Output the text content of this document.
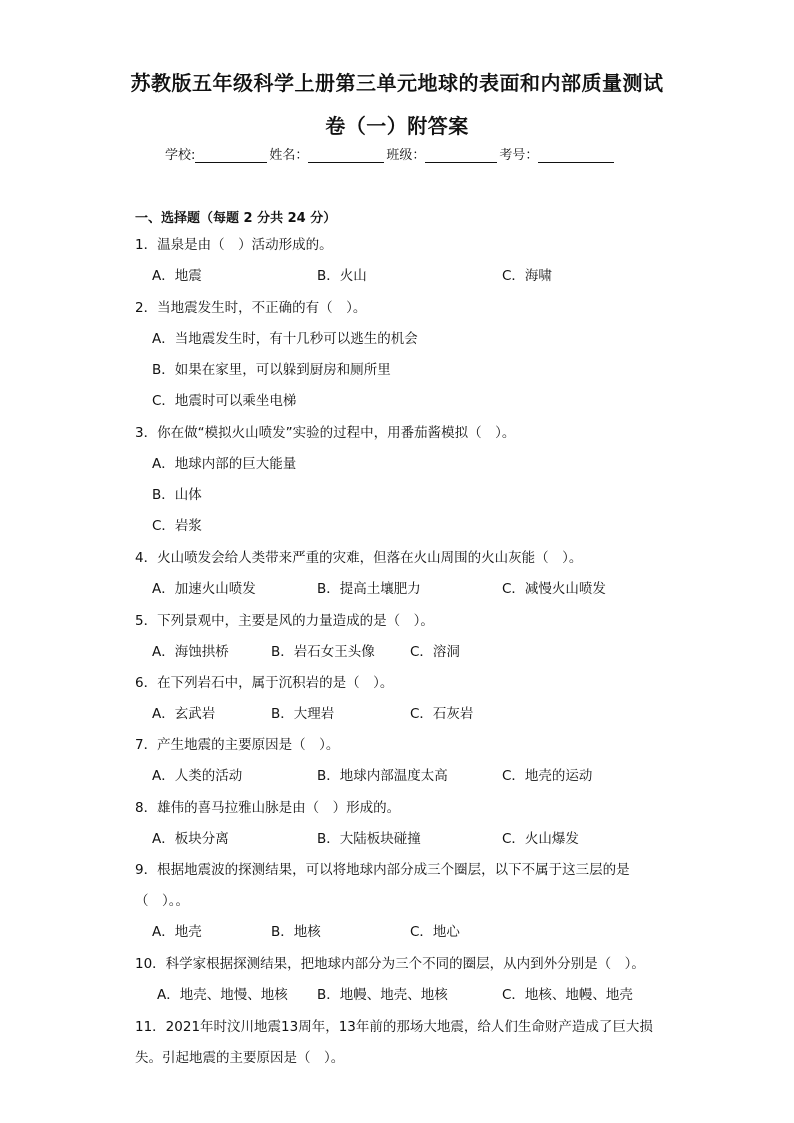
苏教版五年级科学上册第三单元地球的表面和内部质量测试
卷（一）附答案
学校:	姓名：	班级：	考号：
一、选择题（每题 2 分共 24 分）
1．温泉是由（　）活动形成的。
A．地震	B．火山	C．海啸
2．当地震发生时，不正确的有（　）。
A．当地震发生时，有十几秒可以逃生的机会
B．如果在家里，可以躲到厨房和厕所里
C．地震时可以乘坐电梯
3．你在做“模拟火山喷发”实验的过程中，用番茄酱模拟（　）。
A．地球内部的巨大能量
B．山体
C．岩浆
4．火山喷发会给人类带来严重的灾难，但落在火山周围的火山灰能（　）。
A．加速火山喷发	B．提高土壤肥力	C．减慢火山喷发
5．下列景观中，主要是风的力量造成的是（　）。
A．海蚀拱桥	B．岩石女王头像	C．溶洞
6．在下列岩石中，属于沉积岩的是（　）。
A．玄武岩	B．大理岩	C．石灰岩
7．产生地震的主要原因是（　）。
A．人类的活动	B．地球内部温度太高	C．地壳的运动
8．雄伟的喜马拉雅山脉是由（　）形成的。
A．板块分离	B．大陆板块碰撞	C．火山爆发
9．根据地震波的探测结果，可以将地球内部分成三个圈层，以下不属于这三层的是
（　）。。
A．地壳	B．地核	C．地心
10．科学家根据探测结果，把地球内部分为三个不同的圈层，从内到外分别是（　）。
A．地壳、地慢、地核 B．地幔、地壳、地核	C．地核、地幔、地壳
11．2021年时汶川地震13周年，13年前的那场大地震，给人们生命财产造成了巨大损
失。引起地震的主要原因是（　）。
